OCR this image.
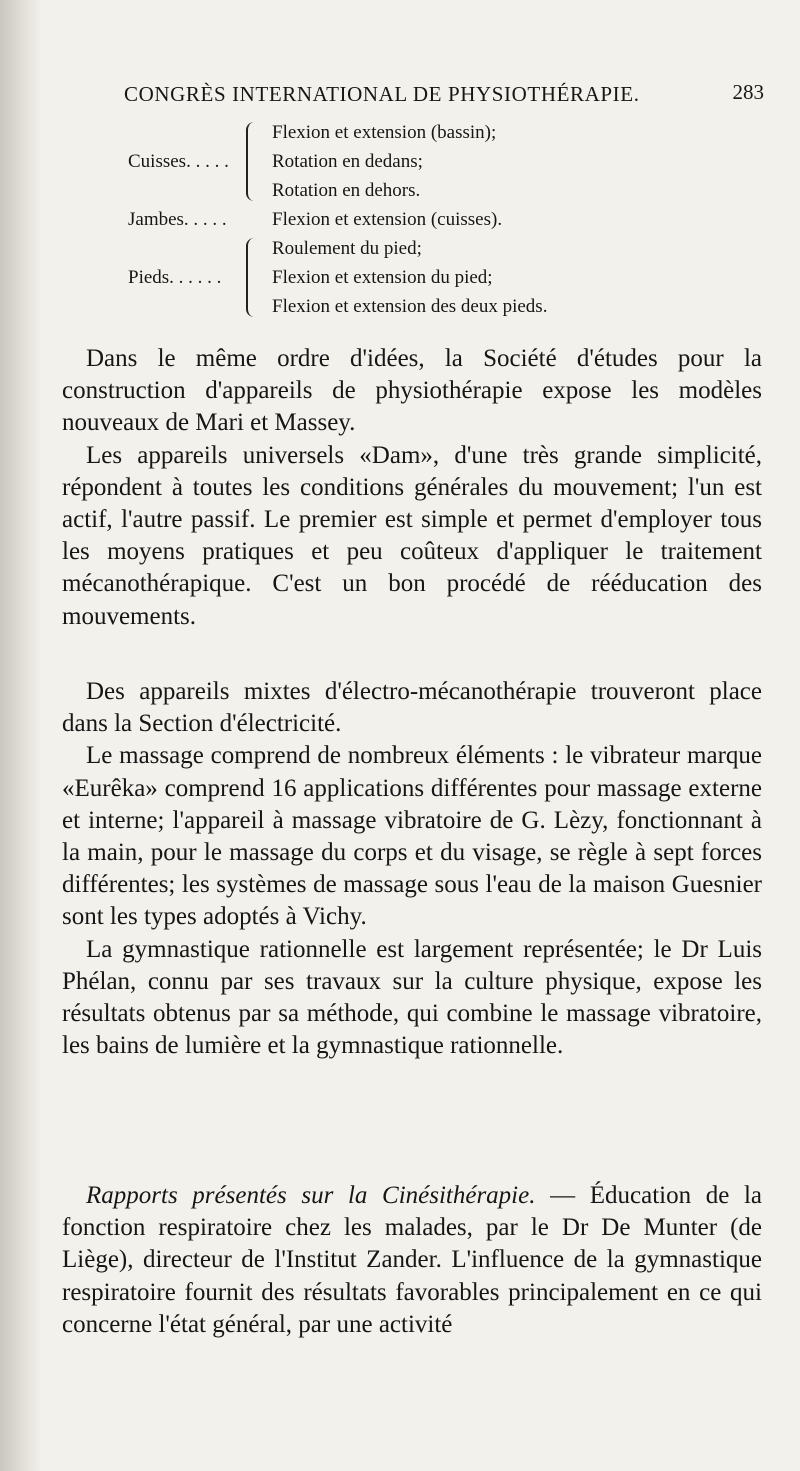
CONGRÈS INTERNATIONAL DE PHYSIOTHÉRAPIE.	283
Cuisses. . . . .
Flexion et extension (bassin);
Rotation en dedans;
Rotation en dehors.
Jambes. . . . . Flexion et extension (cuisses).
Pieds. . . . . .
Roulement du pied;
Flexion et extension du pied;
Flexion et extension des deux pieds.

Dans le même ordre d'idées, la Société d'études pour la construction d'appareils de physiothérapie expose les modèles nouveaux de Mari et Massey.

Les appareils universels «Dam», d'une très grande simplicité, répondent à toutes les conditions générales du mouvement; l'un est actif, l'autre passif. Le premier est simple et permet d'employer tous les moyens pratiques et peu coûteux d'appliquer le traitement mécanothérapique. C'est un bon procédé de rééducation des mouvements.

Des appareils mixtes d'électro-mécanothérapie trouveront place dans la Section d'électricité.

Le massage comprend de nombreux éléments : le vibrateur marque «Eurêka» comprend 16 applications différentes pour massage externe et interne; l'appareil à massage vibratoire de G. Lèzy, fonctionnant à la main, pour le massage du corps et du visage, se règle à sept forces différentes; les systèmes de massage sous l'eau de la maison Guesnier sont les types adoptés à Vichy.

La gymnastique rationnelle est largement représentée; le Dr Luis Phélan, connu par ses travaux sur la culture physique, expose les résultats obtenus par sa méthode, qui combine le massage vibratoire, les bains de lumière et la gymnastique rationnelle.

Rapports présentés sur la Cinésithérapie. — Éducation de la fonction respiratoire chez les malades, par le Dr De Munter (de Liège), directeur de l'Institut Zander. L'influence de la gymnastique respiratoire fournit des résultats favorables principalement en ce qui concerne l'état général, par une activité
